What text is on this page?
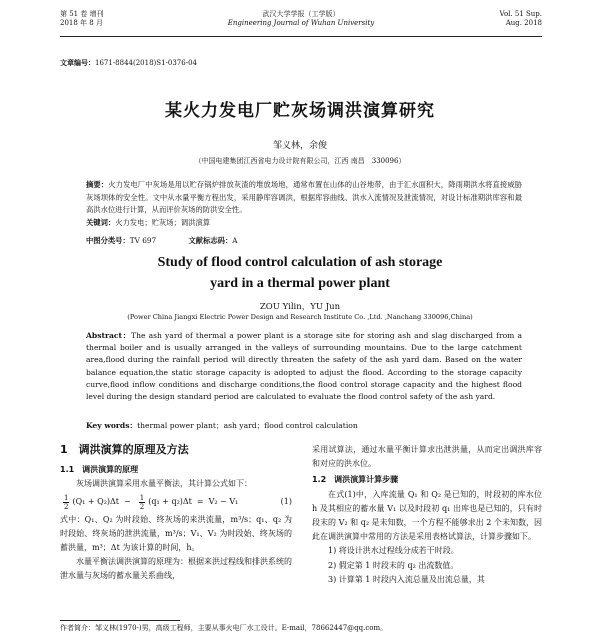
第 51 卷 增刊
2018 年 8 月
武汉大学学报（工学版）
Engineering Journal of Wuhan University
Vol. 51 Sup.
Aug. 2018
文章编号：1671-8844(2018)S1-0376-04
某火力发电厂贮灰场调洪演算研究
邹义林，余俊
（中国电建集团江西省电力设计院有限公司，江西 南昌　330096）
摘要：火力发电厂中灰场是用以贮存锅炉排放灰渣的堆放场地，通常布置在山体的山谷地带，由于汇水面积大，降雨期洪水将直接威胁灰场坝体的安全性。文中从水量平衡方程出发，采用静库容调洪，根据库容曲线、洪水入流情况及泄流情况，对设计标准期洪库容和最高洪水位进行计算，从而评价灰场的防洪安全性。
关键词：火力发电；贮灰场；调洪演算
中图分类号：TV 697	文献标志码：A
Study of flood control calculation of ash storage
yard in a thermal power plant
ZOU Yilin，YU Jun
(Power China Jiangxi Electric Power Design and Research Institute Co. ,Ltd. ,Nanchang 330096,China)
Abstract：The ash yard of thermal a power plant is a storage site for storing ash and slag discharged from a thermal boiler and is usually arranged in the valleys of surrounding mountains. Due to the large catchment area,flood during the rainfall period will directly threaten the safety of the ash yard dam. Based on the water balance equation,the static storage capacity is adopted to adjust the flood. According to the storage capacity curve,flood inflow conditions and discharge conditions,the flood control storage capacity and the highest flood level during the design standard period are calculated to evaluate the flood control safety of the ash yard.
Key words：thermal power plant；ash yard；flood control calculation
1　调洪演算的原理及方法
1.1　调洪演算的原理
灰场调洪演算采用水量平衡法，其计算公式如下：
$\frac{1}{2} (Q_1 + Q_2)\Delta t - \frac{1}{2} (q_1 + q_2)\Delta t = V_2 - V_1$	(1)
式中：Q₁、Q₂ 为时段始、终灰场的来洪流量，m³/s；q₁、q₂ 为时段始、终灰场的泄洪流量，m³/s；V₁、V₂ 为时段始、终灰场的蓄洪量，m³；Δt 为该计算的时间，h。
水量平衡法调洪演算的原理为：根据来洪过程线和排洪系统的泄水量与灰场的蓄水量关系曲线，
采用试算法，通过水量平衡计算求出泄洪量，从而定出调洪库容和对应的洪水位。
1.2　调洪演算计算步骤
在式(1)中，入库流量 Q₁ 和 Q₂ 是已知的，时段初的库水位 h 及其相应的蓄水量 V₁ 以及时段初 q₁ 出库也是已知的，只有时段末的 V₂ 和 q₂ 是未知数，一个方程不能够求出 2 个未知数，因此在调洪演算中常用的方法是采用表格试算法，计算步骤如下。
1) 将设计洪水过程线分成若干时段。
2) 假定第 1 时段末的 q₂ 出流数值。
3) 计算第 1 时段内入流总量及出流总量，其
作者简介：邹义林(1970-)男，高级工程师，主要从事火电厂水工设计。E-mail，78662447@qq.com。
